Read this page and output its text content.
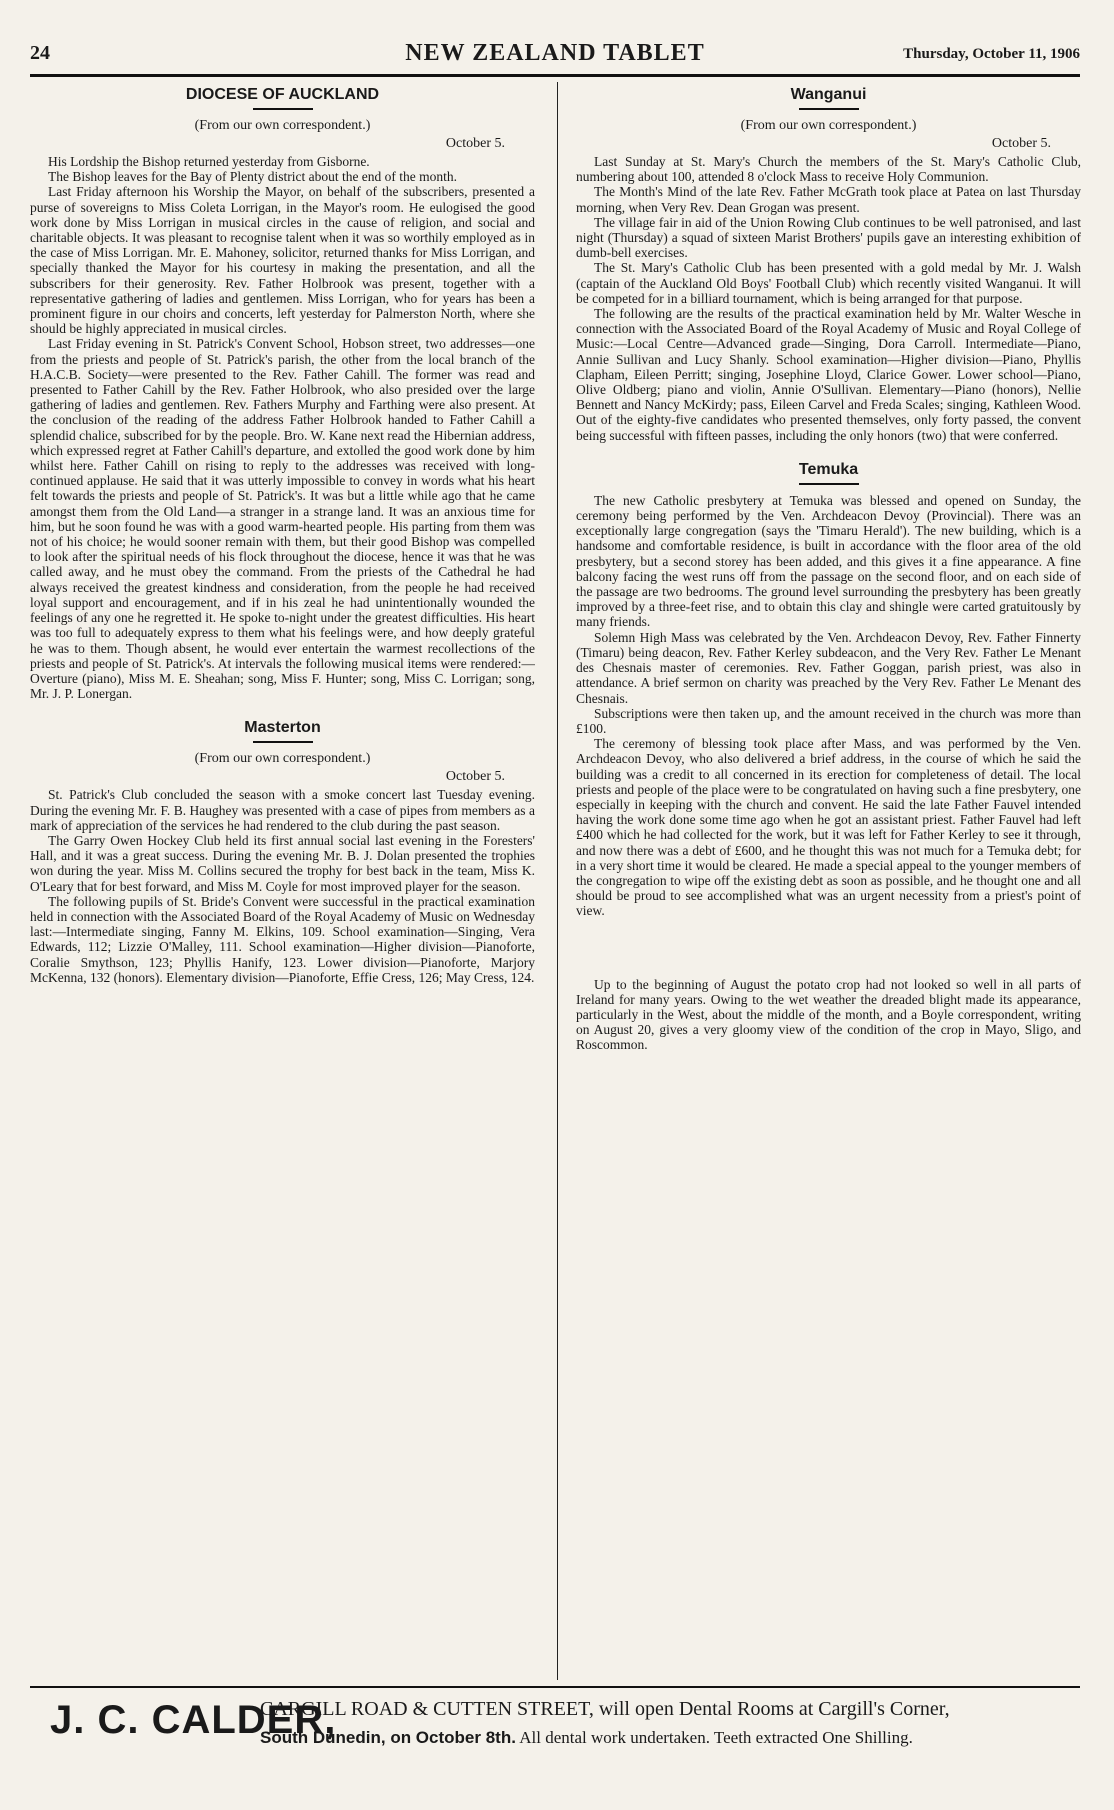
24	NEW ZEALAND TABLET	Thursday, October 11, 1906
DIOCESE OF AUCKLAND
(From our own correspondent.)
October 5.

His Lordship the Bishop returned yesterday from Gisborne.

The Bishop leaves for the Bay of Plenty district about the end of the month.

Last Friday afternoon his Worship the Mayor, on behalf of the subscribers, presented a purse of sovereigns to Miss Coleta Lorrigan, in the Mayor's room. He eulogised the good work done by Miss Lorrigan in musical circles in the cause of religion, and social and charitable objects. It was pleasant to recognise talent when it was so worthily employed as in the case of Miss Lorrigan. Mr. E. Mahoney, solicitor, returned thanks for Miss Lorrigan, and specially thanked the Mayor for his courtesy in making the presentation, and all the subscribers for their generosity. Rev. Father Holbrook was present, together with a representative gathering of ladies and gentlemen. Miss Lorrigan, who for years has been a prominent figure in our choirs and concerts, left yesterday for Palmerston North, where she should be highly appreciated in musical circles.

Last Friday evening in St. Patrick's Convent School, Hobson street, two addresses—one from the priests and people of St. Patrick's parish, the other from the local branch of the H.A.C.B. Society—were presented to the Rev. Father Cahill. The former was read and presented to Father Cahill by the Rev. Father Holbrook, who also presided over the large gathering of ladies and gentlemen. Rev. Fathers Murphy and Farthing were also present. At the conclusion of the reading of the address Father Holbrook handed to Father Cahill a splendid chalice, subscribed for by the people. Bro. W. Kane next read the Hibernian address, which expressed regret at Father Cahill's departure, and extolled the good work done by him whilst here. Father Cahill on rising to reply to the addresses was received with long-continued applause. He said that it was utterly impossible to convey in words what his heart felt towards the priests and people of St. Patrick's. It was but a little while ago that he came amongst them from the Old Land—a stranger in a strange land. It was an anxious time for him, but he soon found he was with a good warm-hearted people. His parting from them was not of his choice; he would sooner remain with them, but their good Bishop was compelled to look after the spiritual needs of his flock throughout the diocese, hence it was that he was called away, and he must obey the command. From the priests of the Cathedral he had always received the greatest kindness and consideration, from the people he had received loyal support and encouragement, and if in his zeal he had unintentionally wounded the feelings of any one he regretted it. He spoke to-night under the greatest difficulties. His heart was too full to adequately express to them what his feelings were, and how deeply grateful he was to them. Though absent, he would ever entertain the warmest recollections of the priests and people of St. Patrick's. At intervals the following musical items were rendered:—Overture (piano), Miss M. E. Sheahan; song, Miss F. Hunter; song, Miss C. Lorrigan; song, Mr. J. P. Lonergan.

Masterton
(From our own correspondent.)
October 5.

St. Patrick's Club concluded the season with a smoke concert last Tuesday evening. During the evening Mr. F. B. Haughey was presented with a case of pipes from members as a mark of appreciation of the services he had rendered to the club during the past season.

The Garry Owen Hockey Club held its first annual social last evening in the Foresters' Hall, and it was a great success. During the evening Mr. B. J. Dolan presented the trophies won during the year. Miss M. Collins secured the trophy for best back in the team, Miss K. O'Leary that for best forward, and Miss M. Coyle for most improved player for the season.

The following pupils of St. Bride's Convent were successful in the practical examination held in connection with the Associated Board of the Royal Academy of Music on Wednesday last:—Intermediate singing, Fanny M. Elkins, 109. School examination—Singing, Vera Edwards, 112; Lizzie O'Malley, 111. School examination—Higher division—Pianoforte, Coralie Smythson, 123; Phyllis Hanify, 123. Lower division—Pianoforte, Marjory McKenna, 132 (honors). Elementary division—Pianoforte, Effie Cress, 126; May Cress, 124.

Wanganui
(From our own correspondent.)
October 5.

Last Sunday at St. Mary's Church the members of the St. Mary's Catholic Club, numbering about 100, attended 8 o'clock Mass to receive Holy Communion.

The Month's Mind of the late Rev. Father McGrath took place at Patea on last Thursday morning, when Very Rev. Dean Grogan was present.

The village fair in aid of the Union Rowing Club continues to be well patronised, and last night (Thursday) a squad of sixteen Marist Brothers' pupils gave an interesting exhibition of dumb-bell exercises.

The St. Mary's Catholic Club has been presented with a gold medal by Mr. J. Walsh (captain of the Auckland Old Boys' Football Club) which recently visited Wanganui. It will be competed for in a billiard tournament, which is being arranged for that purpose.

The following are the results of the practical examination held by Mr. Walter Wesche in connection with the Associated Board of the Royal Academy of Music and Royal College of Music:—Local Centre—Advanced grade—Singing, Dora Carroll. Intermediate—Piano, Annie Sullivan and Lucy Shanly. School examination—Higher division—Piano, Phyllis Clapham, Eileen Perritt; singing, Josephine Lloyd, Clarice Gower. Lower school—Piano, Olive Oldberg; piano and violin, Annie O'Sullivan. Elementary—Piano (honors), Nellie Bennett and Nancy McKirdy; pass, Eileen Carvel and Freda Scales; singing, Kathleen Wood. Out of the eighty-five candidates who presented themselves, only forty passed, the convent being successful with fifteen passes, including the only honors (two) that were conferred.

Temuka

The new Catholic presbytery at Temuka was blessed and opened on Sunday, the ceremony being performed by the Ven. Archdeacon Devoy (Provincial). There was an exceptionally large congregation (says the 'Timaru Herald'). The new building, which is a handsome and comfortable residence, is built in accordance with the floor area of the old presbytery, but a second storey has been added, and this gives it a fine appearance. A fine balcony facing the west runs off from the passage on the second floor, and on each side of the passage are two bedrooms. The ground level surrounding the presbytery has been greatly improved by a three-feet rise, and to obtain this clay and shingle were carted gratuitously by many friends.

Solemn High Mass was celebrated by the Ven. Archdeacon Devoy, Rev. Father Finnerty (Timaru) being deacon, Rev. Father Kerley subdeacon, and the Very Rev. Father Le Menant des Chesnais master of ceremonies. Rev. Father Goggan, parish priest, was also in attendance. A brief sermon on charity was preached by the Very Rev. Father Le Menant des Chesnais.

Subscriptions were then taken up, and the amount received in the church was more than £100.

The ceremony of blessing took place after Mass, and was performed by the Ven. Archdeacon Devoy, who also delivered a brief address, in the course of which he said the building was a credit to all concerned in its erection for completeness of detail. The local priests and people of the place were to be congratulated on having such a fine presbytery, one especially in keeping with the church and convent. He said the late Father Fauvel intended having the work done some time ago when he got an assistant priest. Father Fauvel had left £400 which he had collected for the work, but it was left for Father Kerley to see it through, and now there was a debt of £600, and he thought this was not much for a Temuka debt; for in a very short time it would be cleared. He made a special appeal to the younger members of the congregation to wipe off the existing debt as soon as possible, and he thought one and all should be proud to see accomplished what was an urgent necessity from a priest's point of view.

Up to the beginning of August the potato crop had not looked so well in all parts of Ireland for many years. Owing to the wet weather the dreaded blight made its appearance, particularly in the West, about the middle of the month, and a Boyle correspondent, writing on August 20, gives a very gloomy view of the condition of the crop in Mayo, Sligo, and Roscommon.

J. C. CALDER,
CARGILL ROAD & CUTTEN STREET, will open Dental Rooms at Cargill's Corner,
South Dunedin, on October 8th. All dental work undertaken. Teeth extracted One Shilling.
